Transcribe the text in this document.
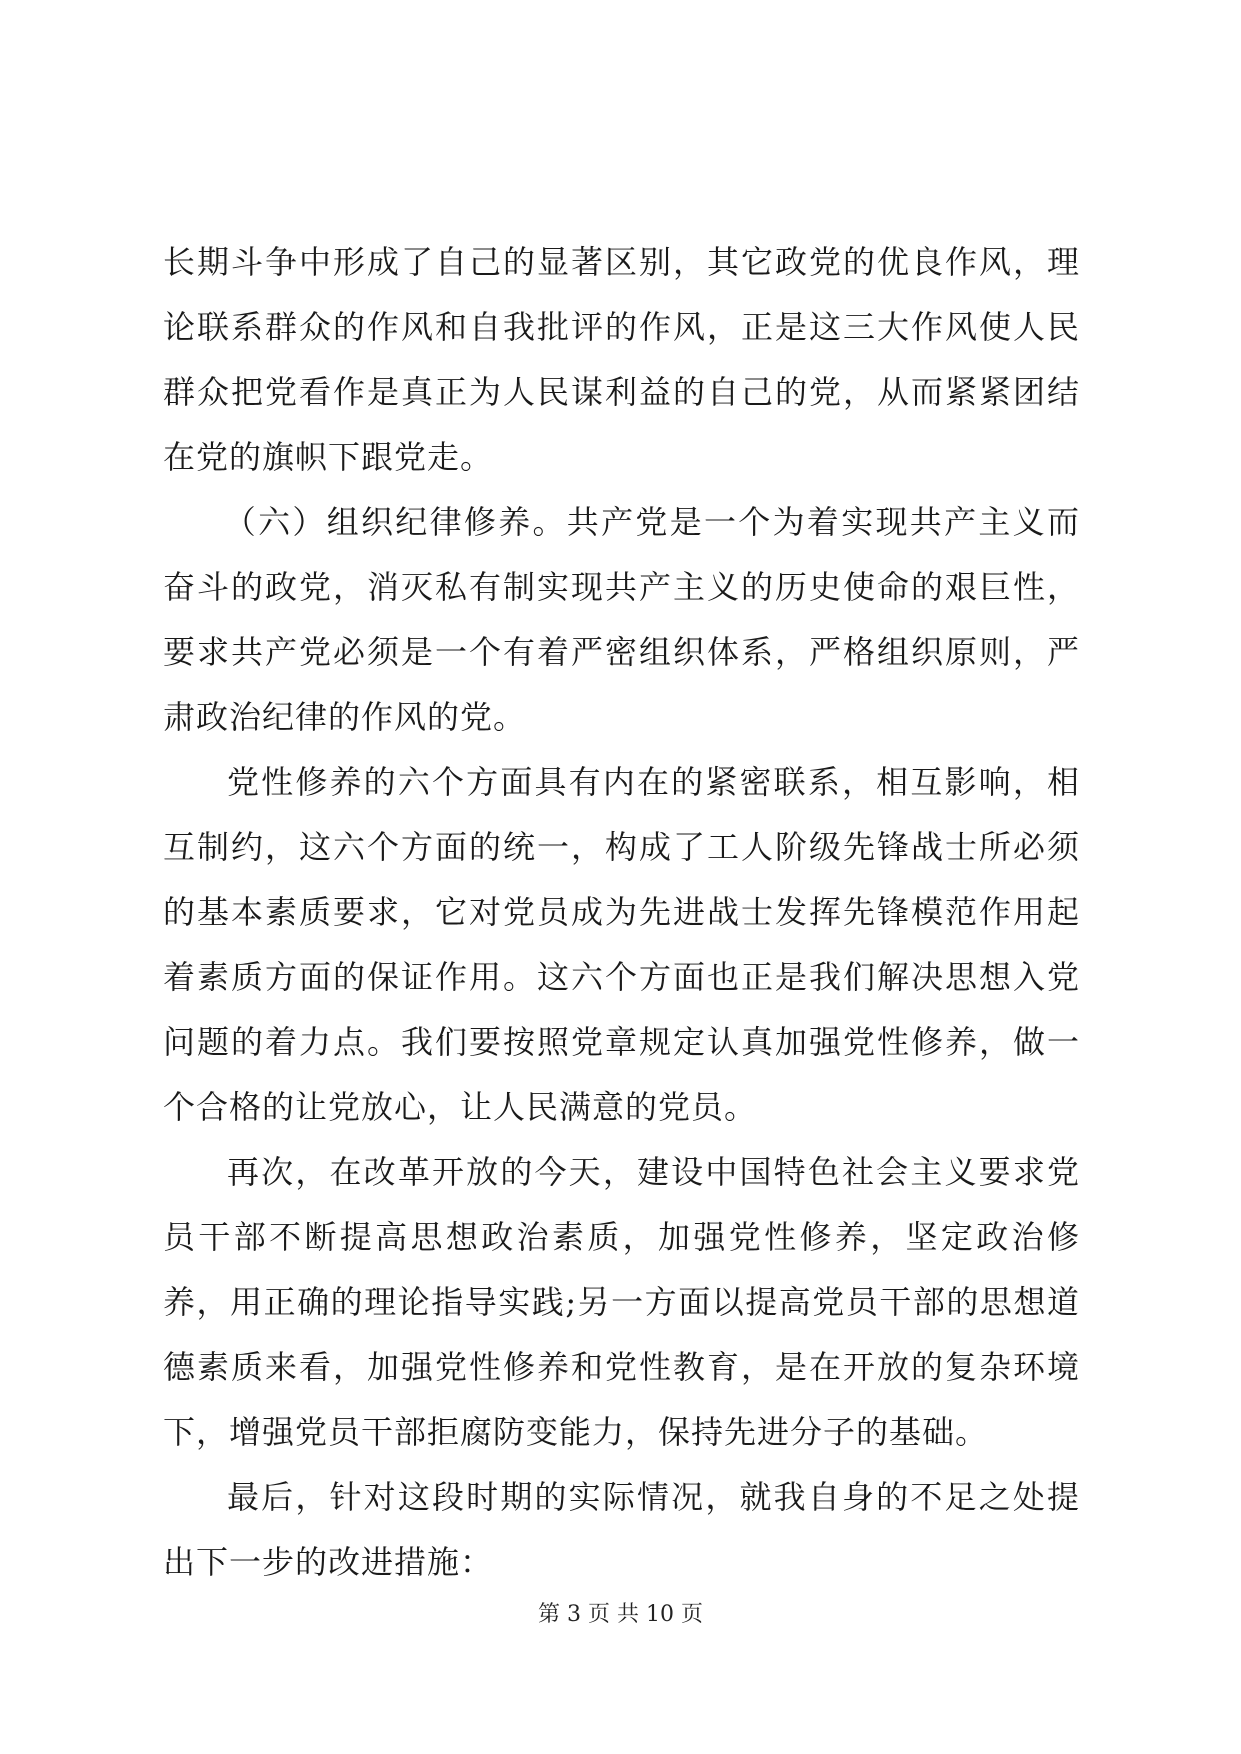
长期斗争中形成了自己的显著区别，其它政党的优良作风，理论联系群众的作风和自我批评的作风，正是这三大作风使人民群众把党看作是真正为人民谋利益的自己的党，从而紧紧团结在党的旗帜下跟党走。

（六）组织纪律修养。共产党是一个为着实现共产主义而奋斗的政党，消灭私有制实现共产主义的历史使命的艰巨性，要求共产党必须是一个有着严密组织体系，严格组织原则，严肃政治纪律的作风的党。

党性修养的六个方面具有内在的紧密联系，相互影响，相互制约，这六个方面的统一，构成了工人阶级先锋战士所必须的基本素质要求，它对党员成为先进战士发挥先锋模范作用起着素质方面的保证作用。这六个方面也正是我们解决思想入党问题的着力点。我们要按照党章规定认真加强党性修养，做一个合格的让党放心，让人民满意的党员。

再次，在改革开放的今天，建设中国特色社会主义要求党员干部不断提高思想政治素质，加强党性修养，坚定政治修养，用正确的理论指导实践;另一方面以提高党员干部的思想道德素质来看，加强党性修养和党性教育，是在开放的复杂环境下，增强党员干部拒腐防变能力，保持先进分子的基础。

最后，针对这段时期的实际情况，就我自身的不足之处提出下一步的改进措施：

第 3 页 共 10 页
